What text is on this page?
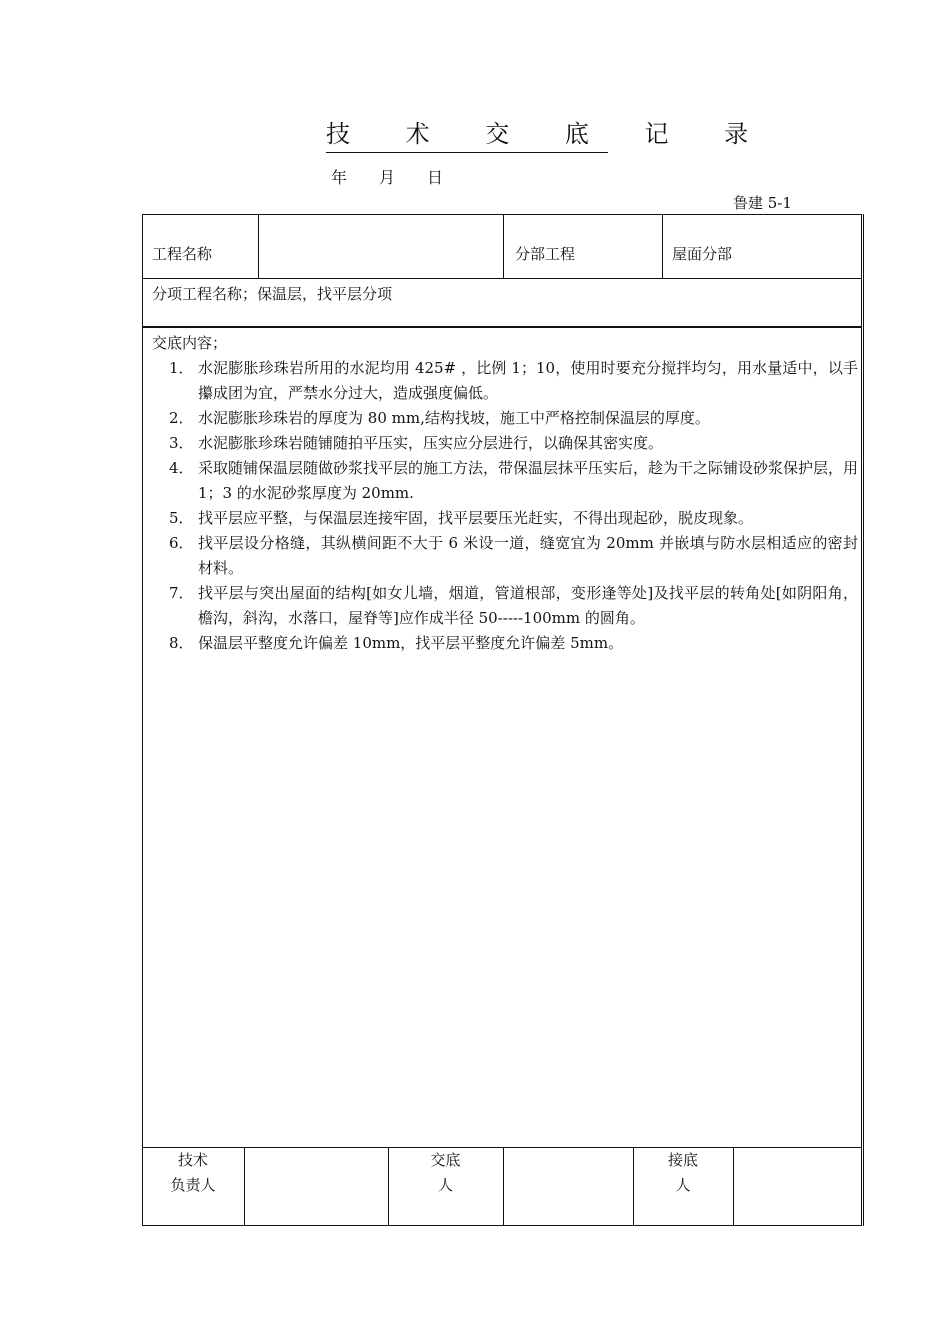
技 术 交 底 记 录
年 月 日
鲁建 5-1
工程名称	分部工程	屋面分部
分项工程名称；保温层，找平层分项

交底内容；

1． 水泥膨胀珍珠岩所用的水泥均用 425# ，比例 1；10，使用时要充分搅拌均匀，用水量适中，以手攥成团为宜，严禁水分过大，造成强度偏低。
2． 水泥膨胀珍珠岩的厚度为 80 mm,结构找坡，施工中严格控制保温层的厚度。
3． 水泥膨胀珍珠岩随铺随拍平压实，压实应分层进行，以确保其密实度。
4． 采取随铺保温层随做砂浆找平层的施工方法，带保温层抹平压实后，趁为干之际铺设砂浆保护层，用 1；3 的水泥砂浆厚度为 20mm.
5． 找平层应平整，与保温层连接牢固，找平层要压光赶实，不得出现起砂，脱皮现象。
6． 找平层设分格缝，其纵横间距不大于 6 米设一道，缝宽宜为 20mm 并嵌填与防水层相适应的密封材料。
7． 找平层与突出屋面的结构[如女儿墙，烟道，管道根部，变形逢等处]及找平层的转角处[如阴阳角，檐沟，斜沟，水落口，屋脊等]应作成半径 50-----100mm 的圆角。
8． 保温层平整度允许偏差 10mm，找平层平整度允许偏差 5mm。
技术
负责人
交底
人
接底
人
